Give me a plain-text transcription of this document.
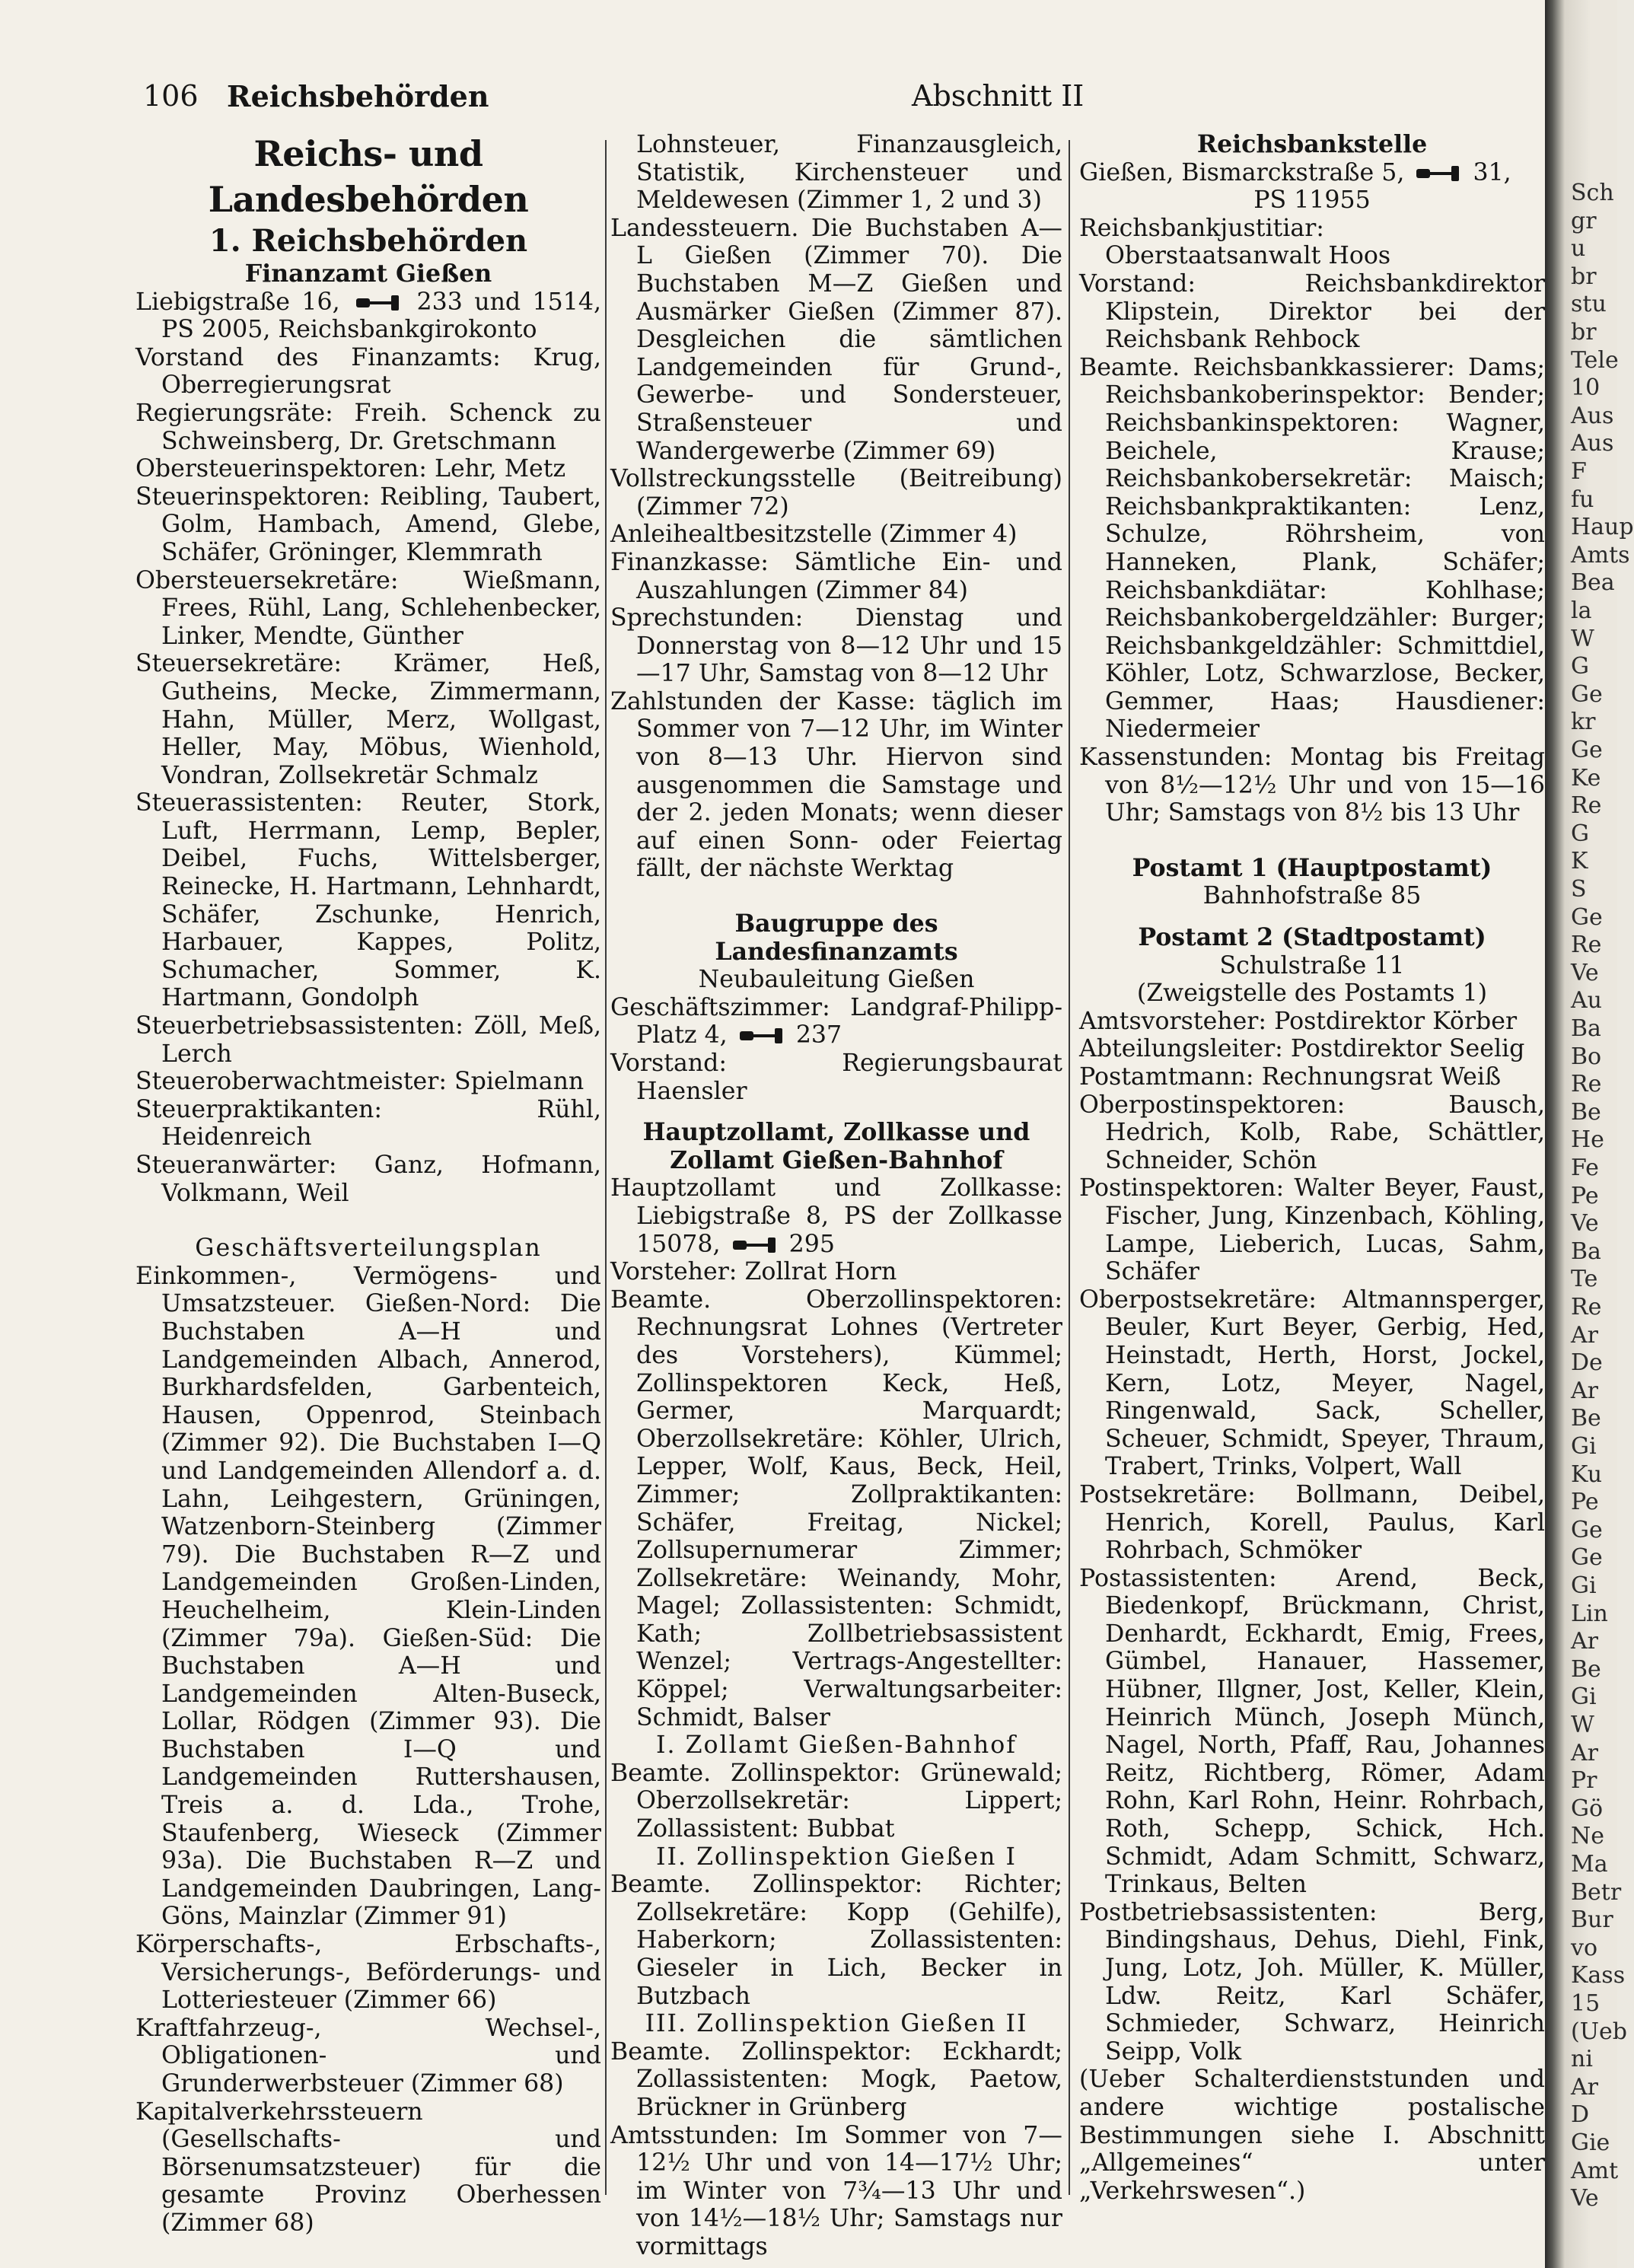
106 Reichsbehörden	Abschnitt II

Reichs- und Landesbehörden

1. Reichsbehörden

Finanzamt Gießen

Liebigstraße 16,	233 und 1514, PS 2005, Reichsbankgirokonto

Vorstand des Finanzamts: Krug, Oberregierungsrat

Regierungsräte: Freih. Schenck zu Schweinsberg, Dr. Gretschmann

Obersteuerinspektoren: Lehr, Metz

Steuerinspektoren: Reibling, Taubert, Golm, Hambach, Amend, Glebe, Schäfer, Gröninger, Klemmrath

Obersteuersekretäre: Wießmann, Frees, Rühl, Lang, Schlehenbecker, Linker, Mendte, Günther

Steuersekretäre: Krämer, Heß, Gutheins, Mecke, Zimmermann, Hahn, Müller, Merz, Wollgast, Heller, May, Möbus, Wienhold, Vondran, Zollsekretär Schmalz

Steuerassistenten: Reuter, Stork, Luft, Herrmann, Lemp, Bepler, Deibel, Fuchs, Wittelsberger, Reinecke, H. Hartmann, Lehnhardt, Schäfer, Zschunke, Henrich, Harbauer, Kappes, Politz, Schumacher, Sommer, K. Hartmann, Gondolph

Steuerbetriebsassistenten: Zöll, Meß, Lerch

Steueroberwachtmeister: Spielmann

Steuerpraktikanten: Rühl, Heidenreich

Steueranwärter: Ganz, Hofmann, Volkmann, Weil

Geschäftsverteilungsplan

Einkommen-, Vermögens- und Umsatzsteuer. Gießen-Nord: Die Buchstaben A—H und Landgemeinden Albach, Annerod, Burkhardsfelden, Garbenteich, Hausen, Oppenrod, Steinbach (Zimmer 92). Die Buchstaben I—Q und Landgemeinden Allendorf a. d. Lahn, Leihgestern, Grüningen, Watzenborn-Steinberg (Zimmer 79). Die Buchstaben R—Z und Landgemeinden Großen-Linden, Heuchelheim, Klein-Linden (Zimmer 79a). Gießen-Süd: Die Buchstaben A—H und Landgemeinden Alten-Buseck, Lollar, Rödgen (Zimmer 93). Die Buchstaben I—Q und Landgemeinden Ruttershausen, Treis a. d. Lda., Trohe, Staufenberg, Wieseck (Zimmer 93a). Die Buchstaben R—Z und Landgemeinden Daubringen, Lang-Göns, Mainzlar (Zimmer 91)

Körperschafts-, Erbschafts-, Versicherungs-, Beförderungs- und Lotteriesteuer (Zimmer 66)

Kraftfahrzeug-, Wechsel-, Obligationen- und Grunderwerbsteuer (Zimmer 68)

Kapitalverkehrssteuern (Gesellschafts- und Börsenumsatzsteuer) für die gesamte Provinz Oberhessen (Zimmer 68)

Lohnsteuer, Finanzausgleich, Statistik, Kirchensteuer und Meldewesen (Zimmer 1, 2 und 3)

Landessteuern. Die Buchstaben A—L Gießen (Zimmer 70). Die Buchstaben M—Z Gießen und Ausmärker Gießen (Zimmer 87). Desgleichen die sämtlichen Landgemeinden für Grund-, Gewerbe- und Sondersteuer, Straßensteuer und Wandergewerbe (Zimmer 69)

Vollstreckungsstelle (Beitreibung) (Zimmer 72)

Anleihealtbesitzstelle (Zimmer 4)

Finanzkasse: Sämtliche Ein- und Auszahlungen (Zimmer 84)

Sprechstunden: Dienstag und Donnerstag von 8—12 Uhr und 15—17 Uhr, Samstag von 8—12 Uhr

Zahlstunden der Kasse: täglich im Sommer von 7—12 Uhr, im Winter von 8—13 Uhr. Hiervon sind ausgenommen die Samstage und der 2. jeden Monats; wenn dieser auf einen Sonn- oder Feiertag fällt, der nächste Werktag

Baugruppe des Landesfinanzamts

Neubauleitung Gießen

Geschäftszimmer: Landgraf-Philipp-Platz 4,	237

Vorstand: Regierungsbaurat Haensler

Hauptzollamt, Zollkasse und Zollamt Gießen-Bahnhof

Hauptzollamt und Zollkasse: Liebigstraße 8, PS der Zollkasse 15078,	295

Vorsteher: Zollrat Horn

Beamte. Oberzollinspektoren: Rechnungsrat Lohnes (Vertreter des Vorstehers), Kümmel; Zollinspektoren Keck, Heß, Germer, Marquardt; Oberzollsekretäre: Köhler, Ulrich, Lepper, Wolf, Kaus, Beck, Heil, Zimmer; Zollpraktikanten: Schäfer, Freitag, Nickel; Zollsupernumerar Zimmer; Zollsekretäre: Weinandy, Mohr, Magel; Zollassistenten: Schmidt, Kath; Zollbetriebsassistent Wenzel; Vertrags-Angestellter: Köppel; Verwaltungsarbeiter: Schmidt, Balser

I. Zollamt Gießen-Bahnhof

Beamte. Zollinspektor: Grünewald; Oberzollsekretär: Lippert; Zollassistent: Bubbat

II. Zollinspektion Gießen I

Beamte. Zollinspektor: Richter; Zollsekretäre: Kopp (Gehilfe), Haberkorn; Zollassistenten: Gieseler in Lich, Becker in Butzbach

III. Zollinspektion Gießen II

Beamte. Zollinspektor: Eckhardt; Zollassistenten: Mogk, Paetow, Brückner in Grünberg

Amtsstunden: Im Sommer von 7—12½ Uhr und von 14—17½ Uhr; im Winter von 7¾—13 Uhr und von 14½—18½ Uhr; Samstags nur vormittags

Reichsbankstelle

Gießen, Bismarckstraße 5,	31,

PS 11955

Reichsbankjustitiar: Oberstaatsanwalt Hoos

Vorstand: Reichsbankdirektor Klipstein, Direktor bei der Reichsbank Rehbock

Beamte. Reichsbankkassierer: Dams; Reichsbankoberinspektor: Bender; Reichsbankinspektoren: Wagner, Beichele, Krause; Reichsbankobersekretär: Maisch; Reichsbankpraktikanten: Lenz, Schulze, Röhrsheim, von Hanneken, Plank, Schäfer; Reichsbankdiätar: Kohlhase; Reichsbankobergeldzähler: Burger; Reichsbankgeldzähler: Schmittdiel, Köhler, Lotz, Schwarzlose, Becker, Gemmer, Haas; Hausdiener: Niedermeier

Kassenstunden: Montag bis Freitag von 8½—12½ Uhr und von 15—16 Uhr; Samstags von 8½ bis 13 Uhr

Postamt 1 (Hauptpostamt)

Bahnhofstraße 85

Postamt 2 (Stadtpostamt)

Schulstraße 11

(Zweigstelle des Postamts 1)

Amtsvorsteher: Postdirektor Körber

Abteilungsleiter: Postdirektor Seelig

Postamtmann: Rechnungsrat Weiß

Oberpostinspektoren: Bausch, Hedrich, Kolb, Rabe, Schättler, Schneider, Schön

Postinspektoren: Walter Beyer, Faust, Fischer, Jung, Kinzenbach, Köhling, Lampe, Lieberich, Lucas, Sahm, Schäfer

Oberpostsekretäre: Altmannsperger, Beuler, Kurt Beyer, Gerbig, Hed, Heinstadt, Herth, Horst, Jockel, Kern, Lotz, Meyer, Nagel, Ringenwald, Sack, Scheller, Scheuer, Schmidt, Speyer, Thraum, Trabert, Trinks, Volpert, Wall

Postsekretäre: Bollmann, Deibel, Henrich, Korell, Paulus, Karl Rohrbach, Schmöker

Postassistenten: Arend, Beck, Biedenkopf, Brückmann, Christ, Denhardt, Eckhardt, Emig, Frees, Gümbel, Hanauer, Hassemer, Hübner, Illgner, Jost, Keller, Klein, Heinrich Münch, Joseph Münch, Nagel, North, Pfaff, Rau, Johannes Reitz, Richtberg, Römer, Adam Rohn, Karl Rohn, Heinr. Rohrbach, Roth, Schepp, Schick, Hch. Schmidt, Adam Schmitt, Schwarz, Trinkaus, Belten

Postbetriebsassistenten: Berg, Bindingshaus, Dehus, Diehl, Fink, Jung, Lotz, Joh. Müller, K. Müller, Ldw. Reitz, Karl Schäfer, Schmieder, Schwarz, Heinrich Seipp, Volk

(Ueber Schalterdienststunden und andere wichtige postalische Bestimmungen siehe I. Abschnitt „Allgemeines“ unter „Verkehrswesen“.)

Sch
gr
u
br
stu
br
Tele
10
Aus
Aus
F
fu
Haup
Amts
Bea
la
W
G
Ge
kr
Ge
Ke
Re
G
K
S
Ge
Re
Ve
Au
Ba
Bo
Re
Be
He
Fe
Pe
Ve
Ba
Te
Re
Ar
De
Ar
Be
Gi
Ku
Pe
Ge
Ge
Gi
Lin
Ar
Be
Gi
W
Ar
Pr
Gö
Ne
Ma
Betr
Bur
vo
Kass
15
(Ueb
ni
Ar
D
Gie
Amt
Ve
